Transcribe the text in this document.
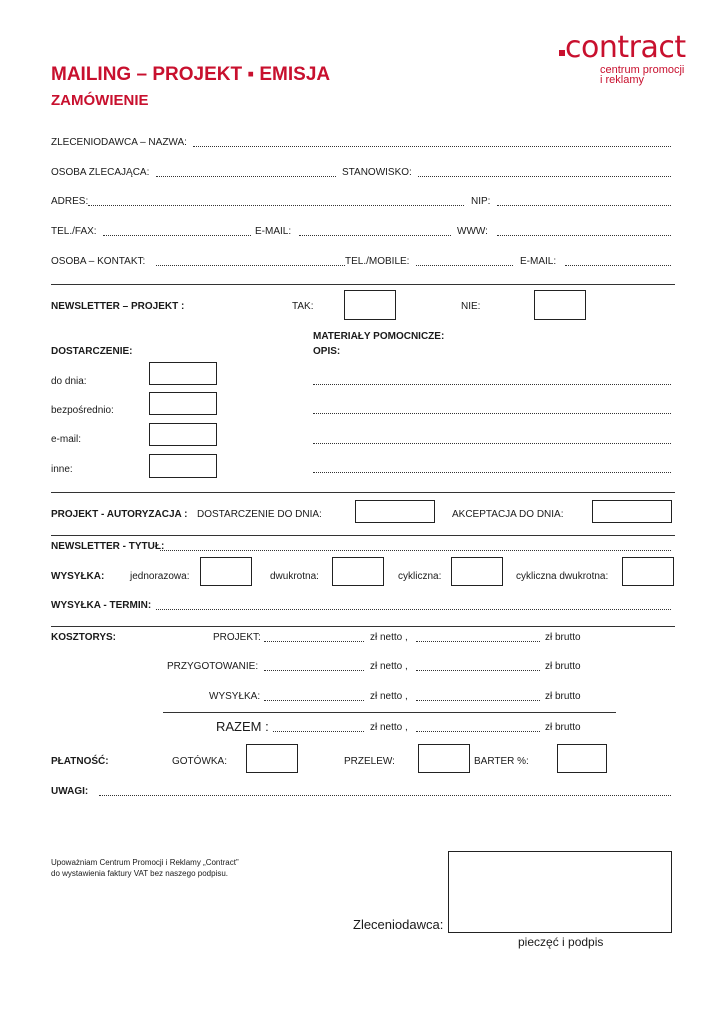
MAILING – PROJEKT ▪ EMISJA
ZAMÓWIENIE
contract
centrum promocji
i reklamy
ZLECENIODAWCA – NAZWA:
OSOBA ZLECAJĄCA:	STANOWISKO:
ADRES:	NIP:
TEL./FAX:	E-MAIL:	WWW:
OSOBA – KONTAKT:	TEL./MOBILE:	E-MAIL:
NEWSLETTER – PROJEKT :	TAK:	NIE:
MATERIAŁY POMOCNICZE:
OPIS:
DOSTARCZENIE:
do dnia:
bezpośrednio:
e-mail:
inne:
PROJEKT - AUTORYZACJA : DOSTARCZENIE DO DNIA:	AKCEPTACJA DO DNIA:
NEWSLETTER - TYTUŁ:
WYSYŁKA:	jednorazowa:	dwukrotna:	cykliczna:	cykliczna dwukrotna:
WYSYŁKA - TERMIN:
KOSZTORYS:	PROJEKT:	zł netto ,	zł brutto
PRZYGOTOWANIE:	zł netto ,	zł brutto
WYSYŁKA:	zł netto ,	zł brutto
RAZEM :	zł netto ,	zł brutto
PŁATNOŚĆ:	GOTÓWKA:	PRZELEW:	BARTER %:
UWAGI:
Upoważniam Centrum Promocji i Reklamy „Contract”
do wystawienia faktury VAT bez naszego podpisu.
Zleceniodawca:
pieczęć i podpis
